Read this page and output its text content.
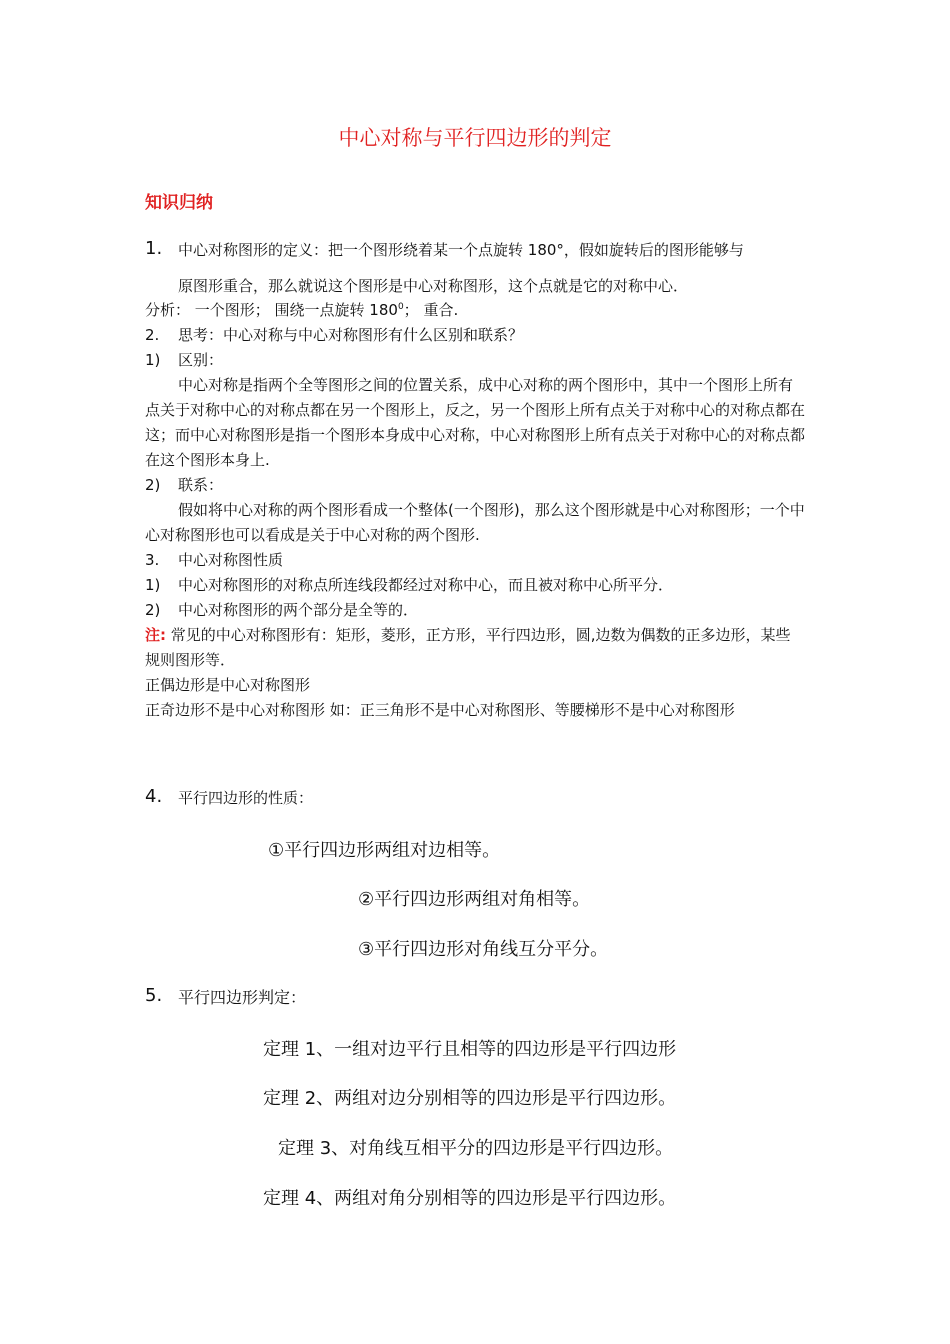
中心对称与平行四边形的判定
知识归纳
1. 中心对称图形的定义：把一个图形绕着某一个点旋转 180°，假如旋转后的图形能够与
原图形重合，那么就说这个图形是中心对称图形，这个点就是它的对称中心．
分析： 一个图形； 围绕一点旋转 $180^0$； 重合.
2. 思考：中心对称与中心对称图形有什么区别和联系？
1) 区别：
中心对称是指两个全等图形之间的位置关系，成中心对称的两个图形中，其中一个图形上所有点关于对称中心的对称点都在另一个图形上，反之，另一个图形上所有点关于对称中心的对称点都在这；而中心对称图形是指一个图形本身成中心对称，中心对称图形上所有点关于对称中心的对称点都在这个图形本身上.
2) 联系：
假如将中心对称的两个图形看成一个整体(一个图形)，那么这个图形就是中心对称图形；一个中心对称图形也可以看成是关于中心对称的两个图形.
3. 中心对称图性质
1) 中心对称图形的对称点所连线段都经过对称中心，而且被对称中心所平分．
2) 中心对称图形的两个部分是全等的．
注: 常见的中心对称图形有：矩形，菱形，正方形，平行四边形，圆,边数为偶数的正多边形，某些规则图形等．
正偶边形是中心对称图形
正奇边形不是中心对称图形 如：正三角形不是中心对称图形、等腰梯形不是中心对称图形
4. 平行四边形的性质：
①平行四边形两组对边相等。
②平行四边形两组对角相等。
③平行四边形对角线互分平分。
5. 平行四边形判定：
定理 1、一组对边平行且相等的四边形是平行四边形
定理 2、两组对边分别相等的四边形是平行四边形。
定理 3、对角线互相平分的四边形是平行四边形。
定理 4、两组对角分别相等的四边形是平行四边形。
